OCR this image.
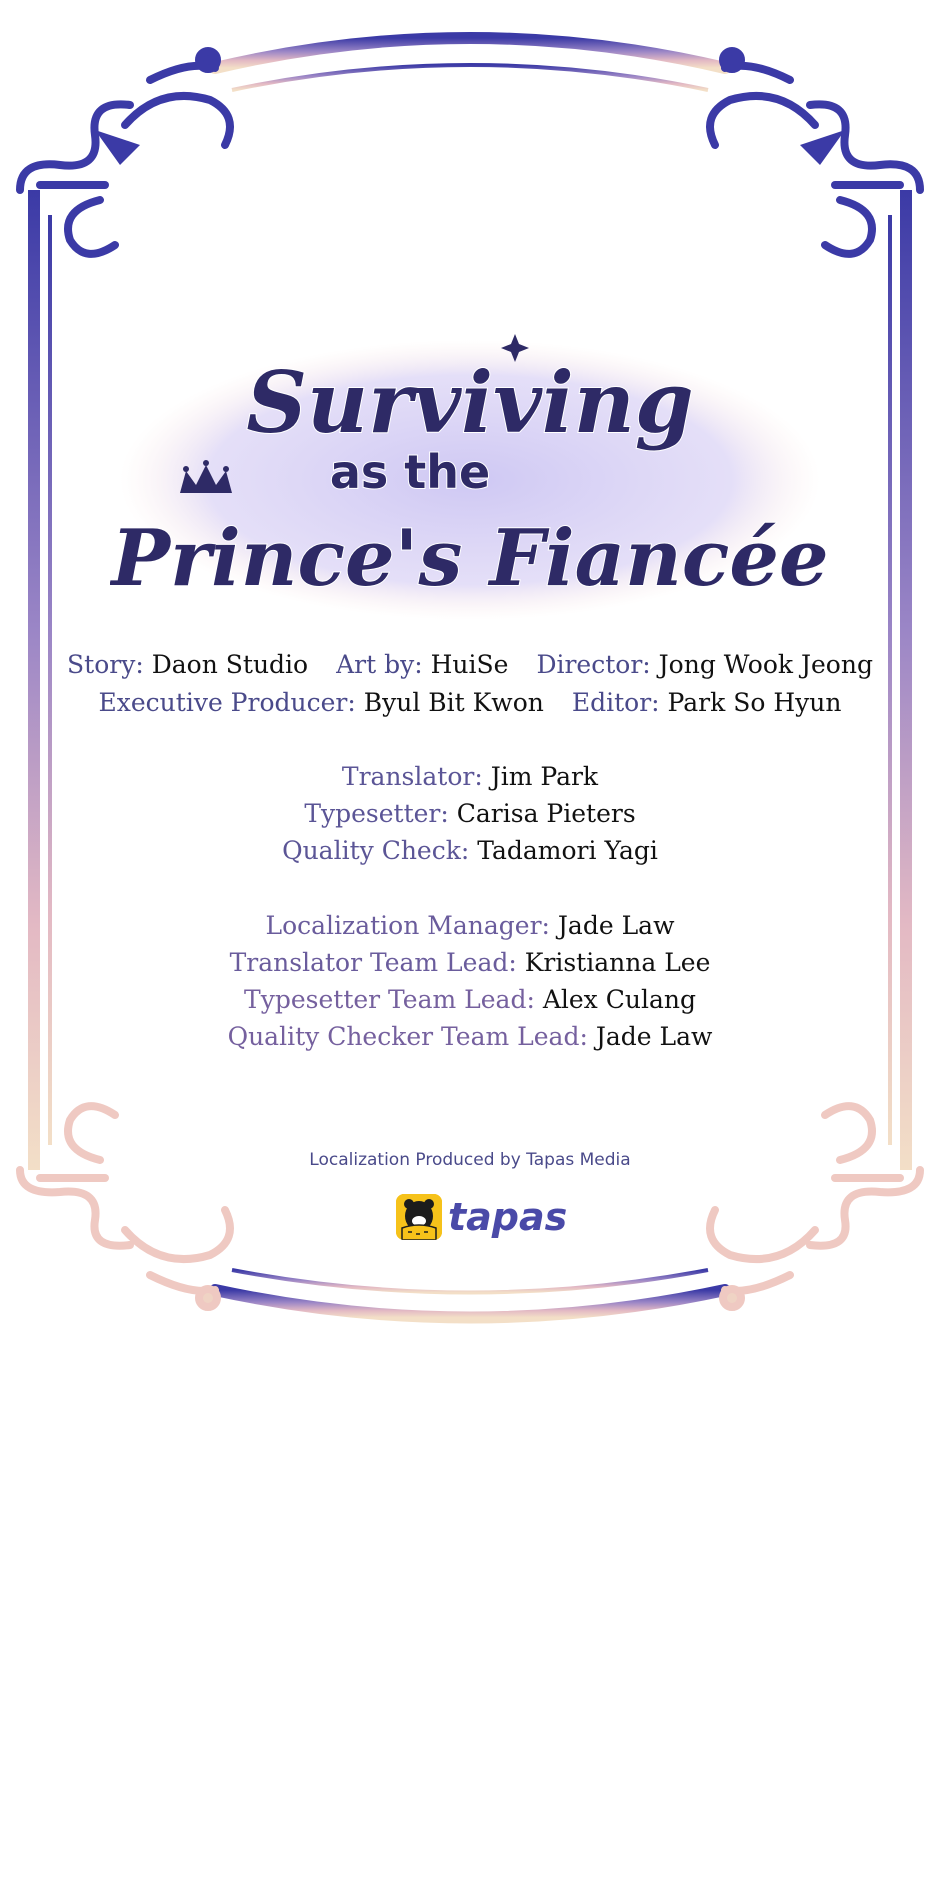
Surviving
as the
Prince's Fiancée
Story: Daon Studio Art by: HuiSe Director: Jong Wook Jeong
Executive Producer: Byul Bit Kwon Editor: Park So Hyun
Translator: Jim Park
Typesetter: Carisa Pieters
Quality Check: Tadamori Yagi
Localization Manager: Jade Law
Translator Team Lead: Kristianna Lee
Typesetter Team Lead: Alex Culang
Quality Checker Team Lead: Jade Law
Localization Produced by Tapas Media
tapas
